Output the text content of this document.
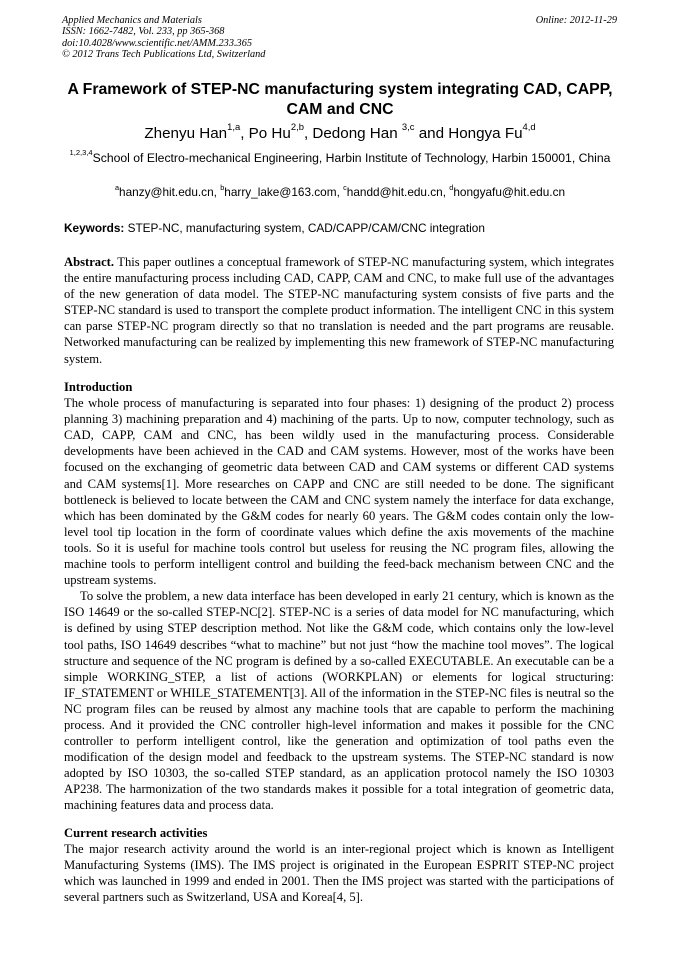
Applied Mechanics and Materials
ISSN: 1662-7482, Vol. 233, pp 365-368
doi:10.4028/www.scientific.net/AMM.233.365
© 2012 Trans Tech Publications Ltd, Switzerland
Online: 2012-11-29
A Framework of STEP-NC manufacturing system integrating CAD, CAPP, CAM and CNC
Zhenyu Han$^{1,a}$, Po Hu$^{2,b}$, Dedong Han $^{3,c}$ and Hongya Fu$^{4,d}$
$^{1,2,3,4}$School of Electro-mechanical Engineering, Harbin Institute of Technology, Harbin 150001, China
$^a$hanzy@hit.edu.cn, $^b$harry_lake@163.com, $^c$handd@hit.edu.cn, $^d$hongyafu@hit.edu.cn
Keywords: STEP-NC, manufacturing system, CAD/CAPP/CAM/CNC integration

Abstract. This paper outlines a conceptual framework of STEP-NC manufacturing system, which integrates the entire manufacturing process including CAD, CAPP, CAM and CNC, to make full use of the advantages of the new generation of data model. The STEP-NC manufacturing system consists of five parts and the STEP-NC standard is used to transport the complete product information. The intelligent CNC in this system can parse STEP-NC program directly so that no translation is needed and the part programs are reusable. Networked manufacturing can be realized by implementing this new framework of STEP-NC manufacturing system.

Introduction

The whole process of manufacturing is separated into four phases: 1) designing of the product 2) process planning 3) machining preparation and 4) machining of the parts. Up to now, computer technology, such as CAD, CAPP, CAM and CNC, has been wildly used in the manufacturing process. Considerable developments have been achieved in the CAD and CAM systems. However, most of the works have been focused on the exchanging of geometric data between CAD and CAM systems or different CAD systems and CAM systems[1]. More researches on CAPP and CNC are still needed to be done. The significant bottleneck is believed to locate between the CAM and CNC system namely the interface for data exchange, which has been dominated by the G&M codes for nearly 60 years. The G&M codes contain only the low-level tool tip location in the form of coordinate values which define the axis movements of the machine tools. So it is useful for machine tools control but useless for reusing the NC program files, allowing the machine tools to perform intelligent control and building the feed-back mechanism between CNC and the upstream systems.

To solve the problem, a new data interface has been developed in early 21 century, which is known as the ISO 14649 or the so-called STEP-NC[2]. STEP-NC is a series of data model for NC manufacturing, which is defined by using STEP description method. Not like the G&M code, which contains only the low-level tool paths, ISO 14649 describes “what to machine” but not just “how the machine tool moves”. The logical structure and sequence of the NC program is defined by a so-called EXECUTABLE. An executable can be a simple WORKING_STEP, a list of actions (WORKPLAN) or elements for logical structuring: IF_STATEMENT or WHILE_STATEMENT[3]. All of the information in the STEP-NC files is neutral so the NC program files can be reused by almost any machine tools that are capable to perform the machining process. And it provided the CNC controller high-level information and makes it possible for the CNC controller to perform intelligent control, like the generation and optimization of tool paths even the modification of the design model and feedback to the upstream systems. The STEP-NC standard is now adopted by ISO 10303, the so-called STEP standard, as an application protocol namely the ISO 10303 AP238. The harmonization of the two standards makes it possible for a total integration of geometric data, machining features data and process data.

Current research activities

The major research activity around the world is an inter-regional project which is known as Intelligent Manufacturing Systems (IMS). The IMS project is originated in the European ESPRIT STEP-NC project which was launched in 1999 and ended in 2001. Then the IMS project was started with the participations of several partners such as Switzerland, USA and Korea[4, 5].
